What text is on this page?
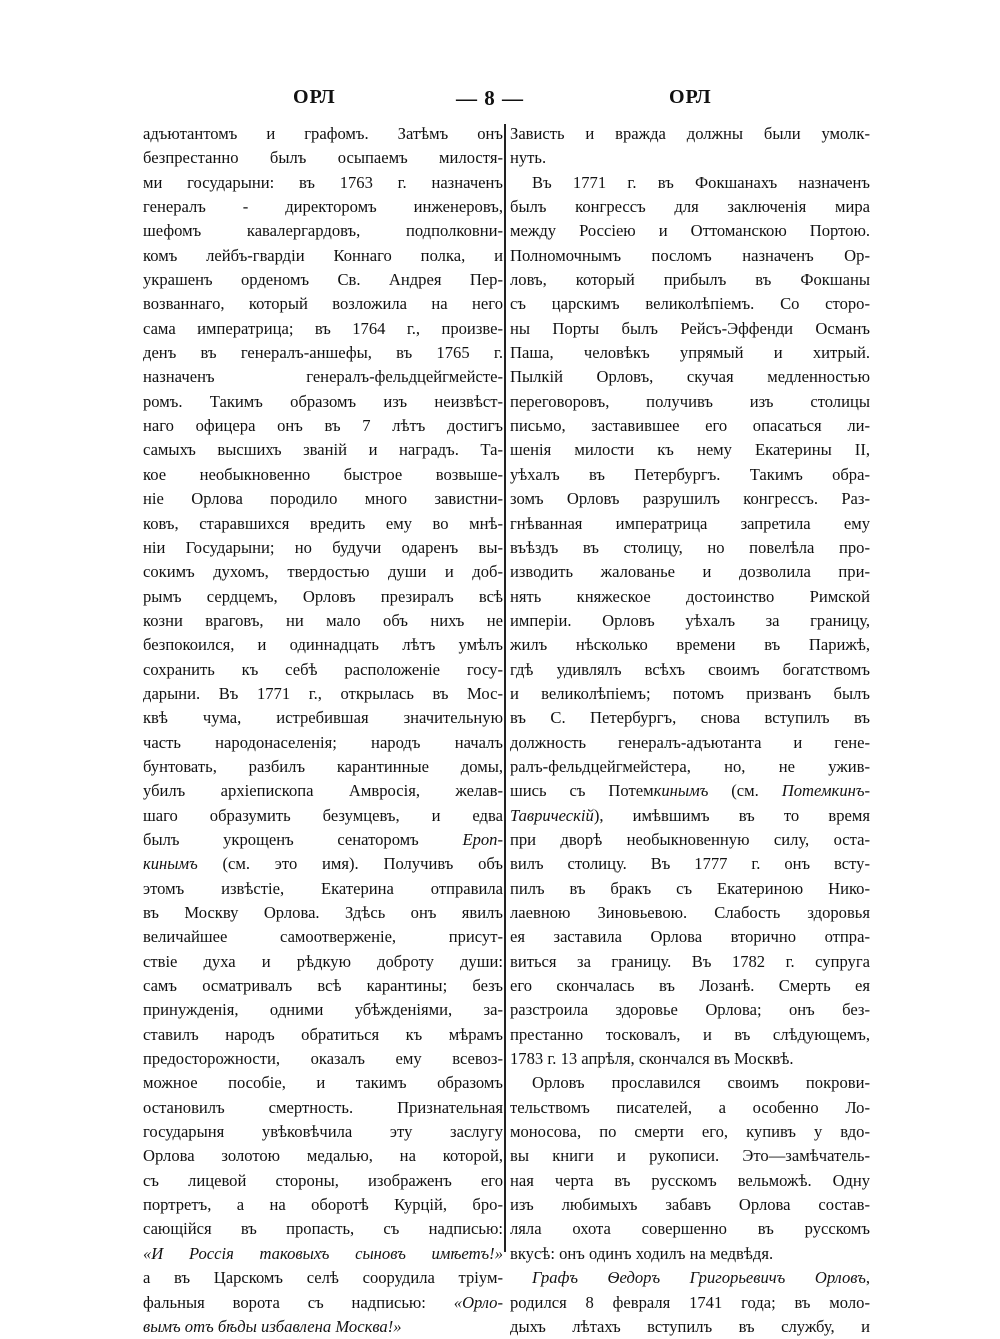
ОРЛ	— 8 —	ОРЛ
адъютантомъ и графомъ. Затѣмъ онъ
безпрестанно былъ осыпаемъ милостя-
ми государыни: въ 1763 г. назначенъ
генералъ - директоромъ инженеровъ,
шефомъ кавалергардовъ, подполковни-
комъ лейбъ-гвардіи Коннаго полка, и
украшенъ орденомъ Св. Андрея Пер-
возваннаго, который возложила на него
сама императрица; въ 1764 г., произве-
денъ въ генералъ-аншефы, въ 1765 г.
назначенъ генералъ-фельдцейгмейсте-
ромъ. Такимъ образомъ изъ неизвѣст-
наго офицера онъ въ 7 лѣтъ достигъ
самыхъ высшихъ званій и наградъ. Та-
кое необыкновенно быстрое возвыше-
ніе Орлова породило много завистни-
ковъ, старавшихся вредить ему во мнѣ-
ніи Государыни; но будучи одаренъ вы-
сокимъ духомъ, твердостью души и доб-
рымъ сердцемъ, Орловъ презиралъ всѣ
козни враговъ, ни мало объ нихъ не
безпокоился, и одиннадцать лѣтъ умѣлъ
сохранить къ себѣ расположеніе госу-
дарыни. Въ 1771 г., открылась въ Мос-
квѣ чума, истребившая значительную
часть народонаселенія; народъ началъ
бунтовать, разбилъ карантинные домы,
убилъ архіепископа Амвросія, желав-
шаго образумить безумцевъ, и едва
былъ укрощенъ сенаторомъ Ероп-
кинымъ (см. это имя). Получивъ объ
этомъ извѣстіе, Екатерина отправила
въ Москву Орлова. Здѣсь онъ явилъ
величайшее самоотверженіе, присут-
ствіе духа и рѣдкую доброту души:
самъ осматривалъ всѣ карантины; безъ
принужденія, одними убѣжденіями, за-
ставилъ народъ обратиться къ мѣрамъ
предосторожности, оказалъ ему всевоз-
можное пособіе, и такимъ образомъ
остановилъ смертность. Признательная
государыня увѣковѣчила эту заслугу
Орлова золотою медалью, на которой,
съ лицевой стороны, изображенъ его
портретъ, а на оборотѣ Курцій, бро-
сающійся въ пропасть, съ надписью:
«И Россія таковыхъ сыновъ имѣетъ!»
а въ Царскомъ селѣ соорудила тріум-
фальныя ворота съ надписью: «Орло-
вымъ отъ бѣды избавлена Москва!»
Зависть и вражда должны были умолк-
нуть.
Въ 1771 г. въ Фокшанахъ назначенъ
былъ конгрессъ для заключенія мира
между Россіею и Оттоманскою Портою.
Полномочнымъ посломъ назначенъ Ор-
ловъ, который прибылъ въ Фокшаны
съ царскимъ великолѣпіемъ. Со сторо-
ны Порты былъ Рейсъ-Эффенди Османъ
Паша, человѣкъ упрямый и хитрый.
Пылкій Орловъ, скучая медленностью
переговоровъ, получивъ изъ столицы
письмо, заставившее его опасаться ли-
шенія милости къ нему Екатерины II,
уѣхалъ въ Петербургъ. Такимъ обра-
зомъ Орловъ разрушилъ конгрессъ. Раз-
гнѣванная императрица запретила ему
въѣздъ въ столицу, но повелѣла про-
изводить жалованье и дозволила при-
нять княжеское достоинство Римской
имперіи. Орловъ уѣхалъ за границу,
жилъ нѣсколько времени въ Парижѣ,
гдѣ удивлялъ всѣхъ своимъ богатствомъ
и великолѣпіемъ; потомъ призванъ былъ
въ С. Петербургъ, снова вступилъ въ
должность генералъ-адъютанта и гене-
ралъ-фельдцейгмейстера, но, не ужив-
шись съ Потемкинымъ (см. Потемкинъ-
Таврическій), имѣвшимъ въ то время
при дворѣ необыкновенную силу, оста-
вилъ столицу. Въ 1777 г. онъ всту-
пилъ въ бракъ съ Екатериною Нико-
лаевною Зиновьевою. Слабость здоровья
ея заставила Орлова вторично отпра-
виться за границу. Въ 1782 г. супруга
его скончалась въ Лозанѣ. Смерть ея
разстроила здоровье Орлова; онъ без-
престанно тосковалъ, и въ слѣдующемъ,
1783 г. 13 апрѣля, скончался въ Москвѣ.
Орловъ прославился своимъ покрови-
тельствомъ писателей, а особенно Ло-
моносова, по смерти его, купивъ у вдо-
вы книги и рукописи. Это—замѣчатель-
ная черта въ русскомъ вельможѣ. Одну
изъ любимыхъ забавъ Орлова состав-
ляла охота совершенно въ русскомъ
вкусѣ: онъ одинъ ходилъ на медвѣдя.
Графъ Ѳедоръ Григорьевичъ Орловъ,
родился 8 февраля 1741 года; въ моло-
дыхъ лѣтахъ вступилъ въ службу, и
